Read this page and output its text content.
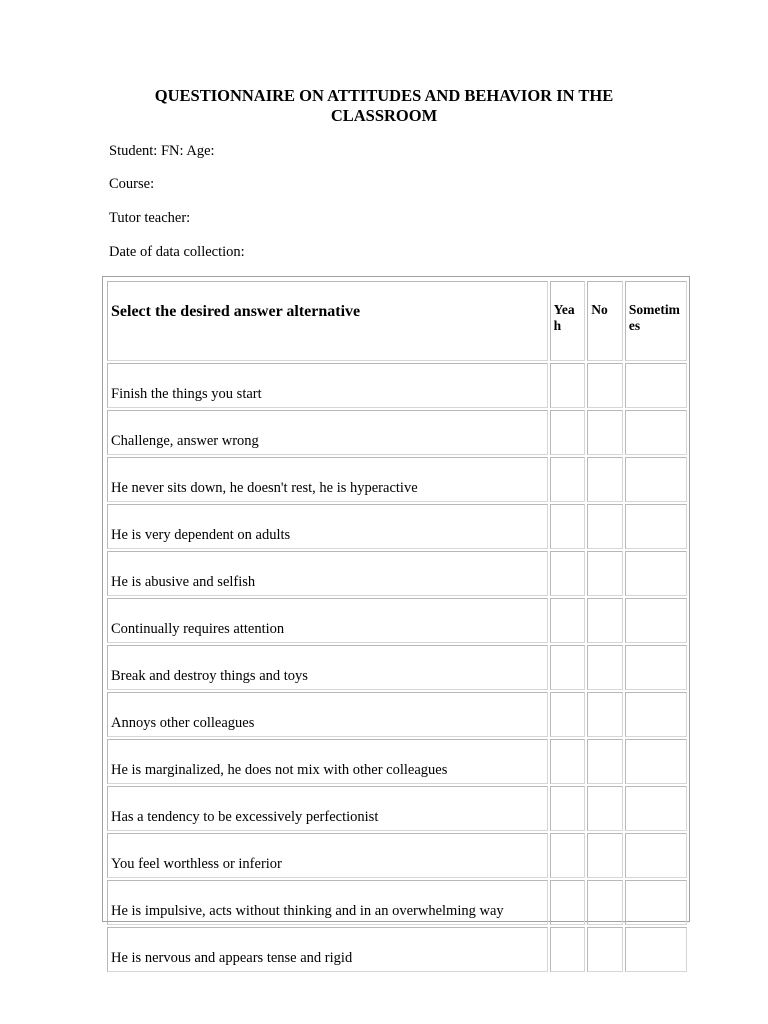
QUESTIONNAIRE ON ATTITUDES AND BEHAVIOR IN THE CLASSROOM
Student: FN: Age:
Course:
Tutor teacher:
Date of data collection:
Select the desired answer alternative	Yeah	No	Sometimes
Finish the things you start			
Challenge, answer wrong			
He never sits down, he doesn't rest, he is hyperactive			
He is very dependent on adults			
He is abusive and selfish			
Continually requires attention			
Break and destroy things and toys			
Annoys other colleagues			
He is marginalized, he does not mix with other colleagues			
Has a tendency to be excessively perfectionist			
You feel worthless or inferior			
He is impulsive, acts without thinking and in an overwhelming way			
He is nervous and appears tense and rigid			
